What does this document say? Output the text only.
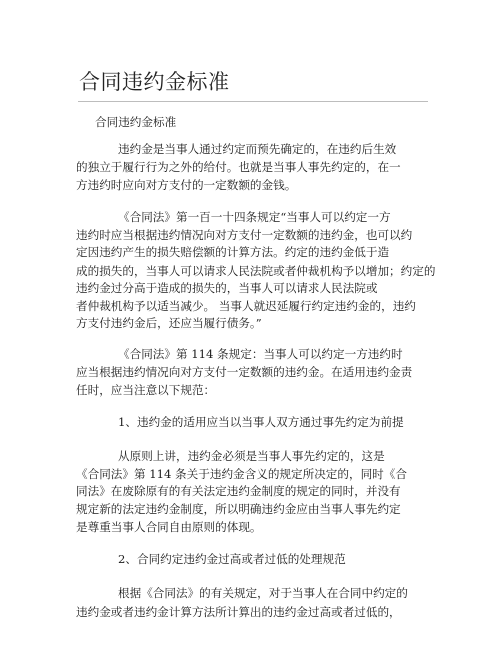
合同违约金标准
合同违约金标准
违约金是当事人通过约定而预先确定的，在违约后生效
的独立于履行行为之外的给付。也就是当事人事先约定的，在一
方违约时应向对方支付的一定数额的金钱。
《合同法》第一百一十四条规定“当事人可以约定一方
违约时应当根据违约情况向对方支付一定数额的违约金，也可以约
定因违约产生的损失赔偿额的计算方法。约定的违约金低于造
成的损失的，当事人可以请求人民法院或者仲裁机构予以增加；约定的
违约金过分高于造成的损失的，当事人可以请求人民法院或
者仲裁机构予以适当减少。 当事人就迟延履行约定违约金的，违约
方支付违约金后，还应当履行债务。”
《合同法》第 114 条规定：当事人可以约定一方违约时
应当根据违约情况向对方支付一定数额的违约金。在适用违约金责
任时，应当注意以下规范：
1、违约金的适用应当以当事人双方通过事先约定为前提
从原则上讲，违约金必须是当事人事先约定的，这是
《合同法》第 114 条关于违约金含义的规定所决定的，同时《合
同法》在废除原有的有关法定违约金制度的规定的同时，并没有
规定新的法定违约金制度，所以明确违约金应由当事人事先约定
是尊重当事人合同自由原则的体现。
2、合同约定违约金过高或者过低的处理规范
根据《合同法》的有关规定，对于当事人在合同中约定的
违约金或者违约金计算方法所计算出的违约金过高或者过低的，
